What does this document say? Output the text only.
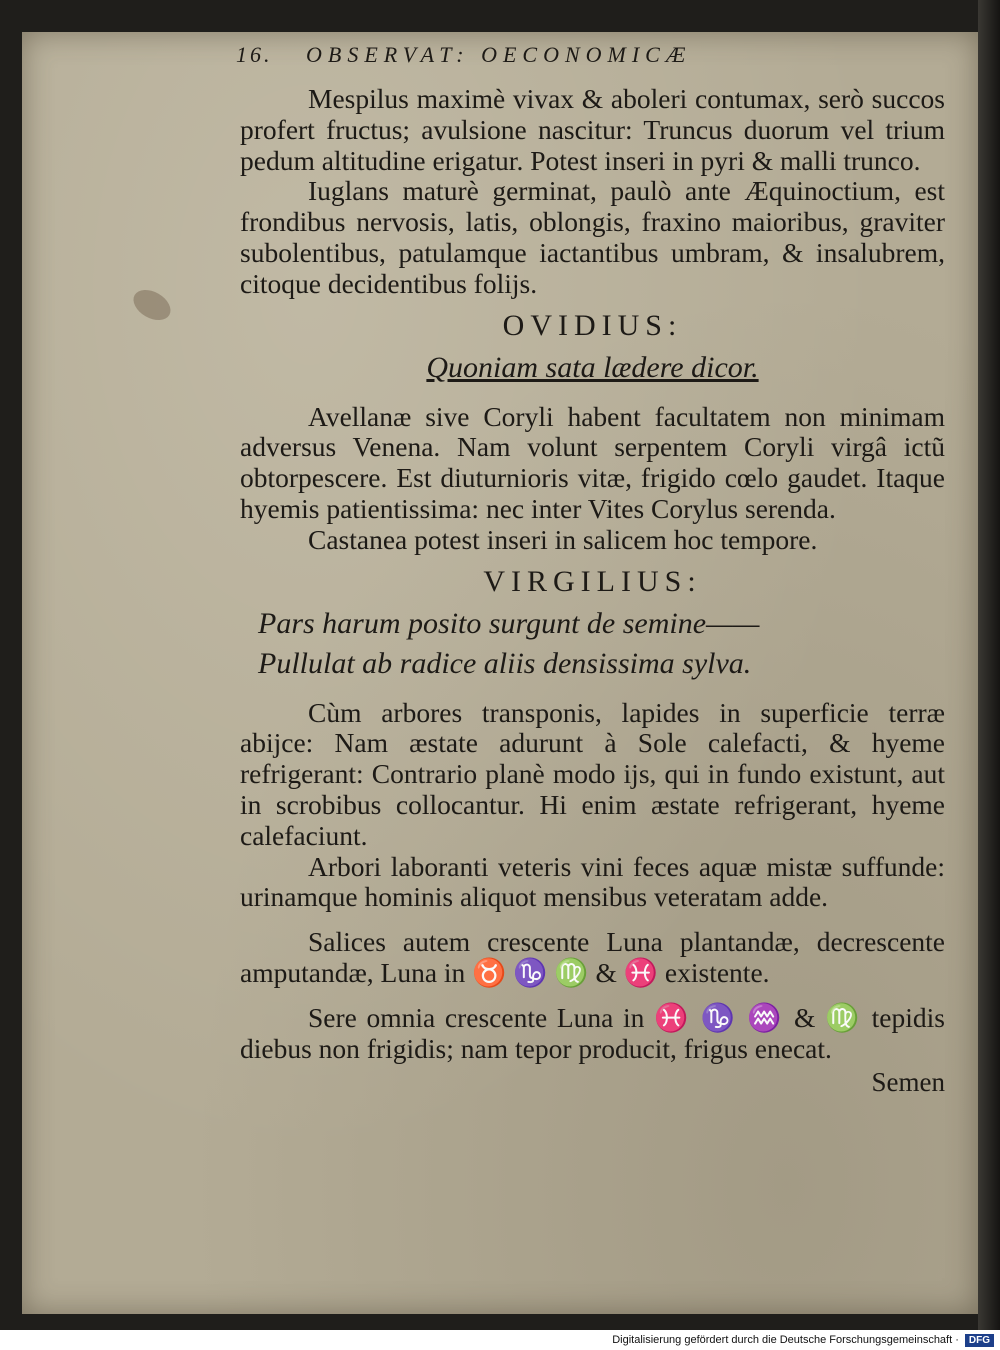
16.	OBSERVAT: OECONOMICÆ

Mespilus maximè vivax & aboleri contumax, serò succos profert fructus; avulsione nascitur: Truncus duorum vel trium pedum altitudine erigatur. Potest inseri in pyri & malli trunco.

Iuglans maturè germinat, paulò ante Æquinoctium, est frondibus nervosis, latis, oblongis, fraxino maioribus, graviter subolentibus, patulamque iactantibus umbram, & insalubrem, citoque decidentibus folijs.

OVIDIUS:
Quoniam sata lædere dicor.

Avellanæ sive Coryli habent facultatem non minimam adversus Venena. Nam volunt serpentem Coryli virgâ ictũ obtorpescere. Est diuturnioris vitæ, frigido cœlo gaudet. Itaque hyemis patientissima: nec inter Vites Corylus serenda.

Castanea potest inseri in salicem hoc tempore.

VIRGILIUS:
Pars harum posito surgunt de semine——
Pullulat ab radice aliis densissima sylva.

Cùm arbores transponis, lapides in superficie terræ abijce: Nam æstate adurunt à Sole calefacti, & hyeme refrigerant: Contrario planè modo ijs, qui in fundo existunt, aut in scrobibus collocantur. Hi enim æstate refrigerant, hyeme calefaciunt.

Arbori laboranti veteris vini feces aquæ mistæ suffunde: urinamque hominis aliquot mensibus veteratam adde.

Salices autem crescente Luna plantandæ, decrescente amputandæ, Luna in ♉ ♑ ♍ & ♓ existente.

Sere omnia crescente Luna in ♓ ♑ ♒ & ♍ tepidis diebus non frigidis; nam tepor producit, frigus enecat.

Semen
Digitalisierung gefördert durch die Deutsche Forschungsgemeinschaft ·	DFG
